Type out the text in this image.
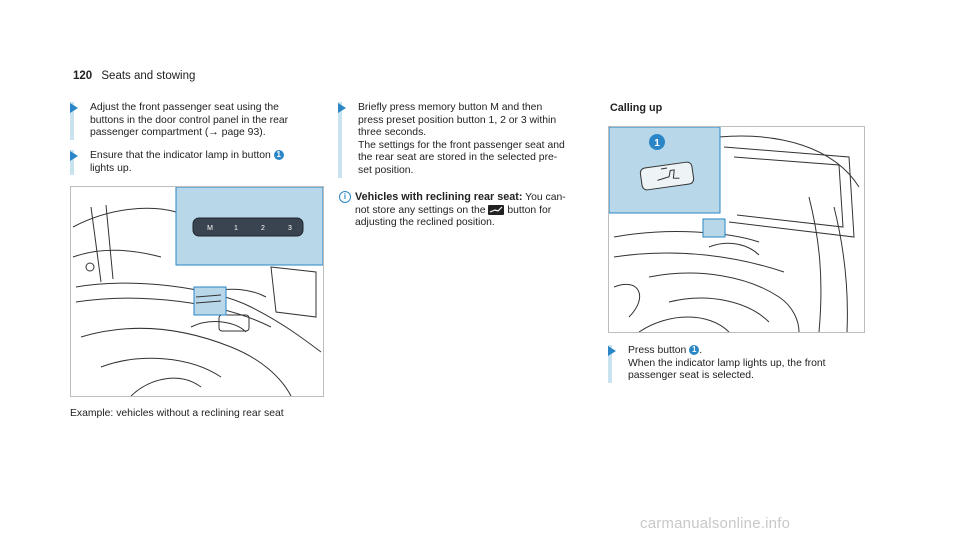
120 Seats and stowing
Adjust the front passenger seat using the
buttons in the door control panel in the rear
passenger compartment (→ page 93).
Ensure that the indicator lamp in button 1
lights up.
M	1	2	3
Example: vehicles without a reclining rear seat
Briefly press memory button M and then
press preset position button 1, 2 or 3 within
three seconds.
The settings for the front passenger seat and
the rear seat are stored in the selected pre-
set position.
i Vehicles with reclining rear seat: You can-
not store any settings on the  button for
adjusting the reclined position.
Calling up
1
Press button 1 .
When the indicator lamp lights up, the front
passenger seat is selected.
carmanualsonline.info
